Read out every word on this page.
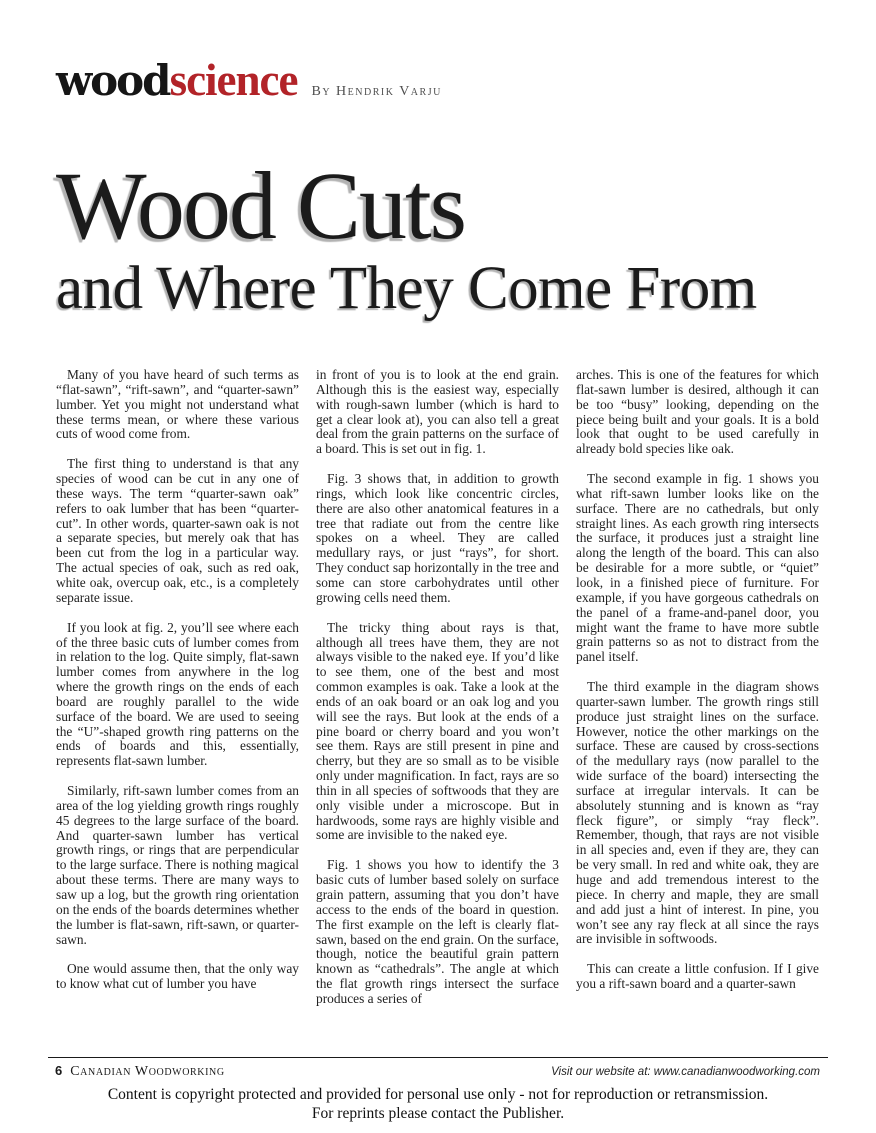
wood science By Hendrik Varju
Wood Cuts
and Where They Come From

Many of you have heard of such terms as “flat-sawn”, “rift-sawn”, and “quarter-sawn” lumber. Yet you might not understand what these terms mean, or where these various cuts of wood come from.

The first thing to understand is that any species of wood can be cut in any one of these ways. The term “quarter-sawn oak” refers to oak lumber that has been “quarter-cut”. In other words, quarter-sawn oak is not a separate species, but merely oak that has been cut from the log in a particular way. The actual species of oak, such as red oak, white oak, overcup oak, etc., is a completely separate issue.

If you look at fig. 2, you’ll see where each of the three basic cuts of lumber comes from in relation to the log. Quite simply, flat-sawn lumber comes from anywhere in the log where the growth rings on the ends of each board are roughly parallel to the wide surface of the board. We are used to seeing the “U”-shaped growth ring patterns on the ends of boards and this, essentially, represents flat-sawn lumber.

Similarly, rift-sawn lumber comes from an area of the log yielding growth rings roughly 45 degrees to the large surface of the board. And quarter-sawn lumber has vertical growth rings, or rings that are perpendicular to the large surface. There is nothing magical about these terms. There are many ways to saw up a log, but the growth ring orientation on the ends of the boards determines whether the lumber is flat-sawn, rift-sawn, or quarter-sawn.

One would assume then, that the only way to know what cut of lumber you have

in front of you is to look at the end grain. Although this is the easiest way, especially with rough-sawn lumber (which is hard to get a clear look at), you can also tell a great deal from the grain patterns on the surface of a board. This is set out in fig. 1.

Fig. 3 shows that, in addition to growth rings, which look like concentric circles, there are also other anatomical features in a tree that radiate out from the centre like spokes on a wheel. They are called medullary rays, or just “rays”, for short. They conduct sap horizontally in the tree and some can store carbohydrates until other growing cells need them.

The tricky thing about rays is that, although all trees have them, they are not always visible to the naked eye. If you’d like to see them, one of the best and most common examples is oak. Take a look at the ends of an oak board or an oak log and you will see the rays. But look at the ends of a pine board or cherry board and you won’t see them. Rays are still present in pine and cherry, but they are so small as to be visible only under magnification. In fact, rays are so thin in all species of softwoods that they are only visible under a microscope. But in hardwoods, some rays are highly visible and some are invisible to the naked eye.

Fig. 1 shows you how to identify the 3 basic cuts of lumber based solely on surface grain pattern, assuming that you don’t have access to the ends of the board in question. The first example on the left is clearly flat-sawn, based on the end grain. On the surface, though, notice the beautiful grain pattern known as “cathedrals”. The angle at which the flat growth rings intersect the surface produces a series of

arches. This is one of the features for which flat-sawn lumber is desired, although it can be too “busy” looking, depending on the piece being built and your goals. It is a bold look that ought to be used carefully in already bold species like oak.

The second example in fig. 1 shows you what rift-sawn lumber looks like on the surface. There are no cathedrals, but only straight lines. As each growth ring intersects the surface, it produces just a straight line along the length of the board. This can also be desirable for a more subtle, or “quiet” look, in a finished piece of furniture. For example, if you have gorgeous cathedrals on the panel of a frame-and-panel door, you might want the frame to have more subtle grain patterns so as not to distract from the panel itself.

The third example in the diagram shows quarter-sawn lumber. The growth rings still produce just straight lines on the surface. However, notice the other markings on the surface. These are caused by cross-sections of the medullary rays (now parallel to the wide surface of the board) intersecting the surface at irregular intervals. It can be absolutely stunning and is known as “ray fleck figure”, or simply “ray fleck”. Remember, though, that rays are not visible in all species and, even if they are, they can be very small. In red and white oak, they are huge and add tremendous interest to the piece. In cherry and maple, they are small and add just a hint of interest. In pine, you won’t see any ray fleck at all since the rays are invisible in softwoods.

This can create a little confusion. If I give you a rift-sawn board and a quarter-sawn

6 Canadian Woodworking	Visit our website at: www.canadianwoodworking.com
Content is copyright protected and provided for personal use only - not for reproduction or retransmission.
For reprints please contact the Publisher.
